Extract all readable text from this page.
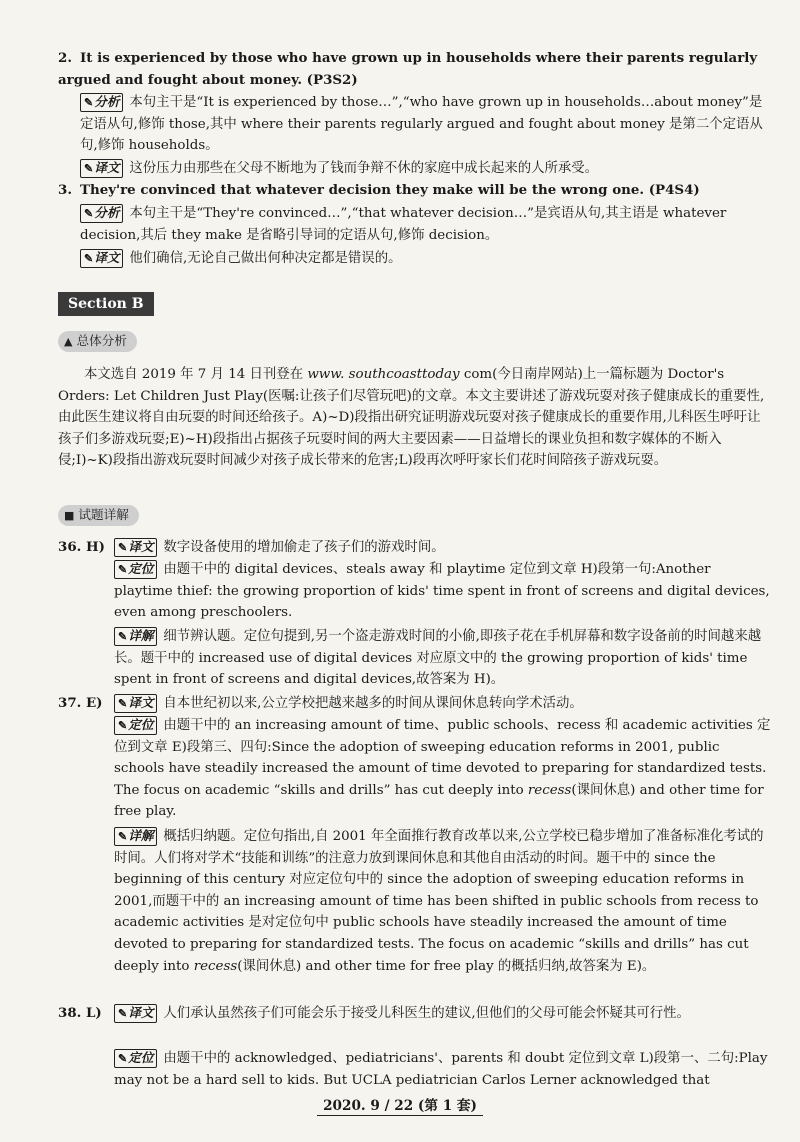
2. It is experienced by those who have grown up in households where their parents regularly argued and fought about money. (P3S2)
✎分析 本句主干是“It is experienced by those…”,“who have grown up in households…about money”是定语从句,修饰 those,其中 where their parents regularly argued and fought about money 是第二个定语从句,修饰 households。
✎译文 这份压力由那些在父母不断地为了钱而争辩不休的家庭中成长起来的人所承受。
3. They're convinced that whatever decision they make will be the wrong one. (P4S4)
✎分析 本句主干是“They're convinced…”,“that whatever decision…”是宾语从句,其主语是 whatever decision,其后 they make 是省略引导词的定语从句,修饰 decision。
✎译文 他们确信,无论自己做出何种决定都是错误的。
Section B
▲ 总体分析
本文选自 2019 年 7 月 14 日刊登在 www. southcoasttoday com(今日南岸网站)上一篇标题为 Doctor's Orders: Let Children Just Play(医嘱:让孩子们尽管玩吧)的文章。本文主要讲述了游戏玩耍对孩子健康成长的重要性,由此医生建议将自由玩耍的时间还给孩子。A)~D)段指出研究证明游戏玩耍对孩子健康成长的重要作用,儿科医生呼吁让孩子们多游戏玩耍;E)~H)段指出占据孩子玩耍时间的两大主要因素——日益增长的课业负担和数字媒体的不断入侵;I)~K)段指出游戏玩耍时间减少对孩子成长带来的危害;L)段再次呼吁家长们花时间陪孩子游戏玩耍。
■ 试题详解
36. H) ✎译文 数字设备使用的增加偷走了孩子们的游戏时间。
✎定位 由题干中的 digital devices、steals away 和 playtime 定位到文章 H)段第一句:Another playtime thief: the growing proportion of kids' time spent in front of screens and digital devices, even among preschoolers.
✎详解 细节辨认题。定位句提到,另一个盗走游戏时间的小偷,即孩子花在手机屏幕和数字设备前的时间越来越长。题干中的 increased use of digital devices 对应原文中的 the growing proportion of kids' time spent in front of screens and digital devices,故答案为 H)。
37. E) ✎译文 自本世纪初以来,公立学校把越来越多的时间从课间休息转向学术活动。
✎定位 由题干中的 an increasing amount of time、public schools、recess 和 academic activities 定位到文章 E)段第三、四句:Since the adoption of sweeping education reforms in 2001, public schools have steadily increased the amount of time devoted to preparing for standardized tests. The focus on academic “skills and drills” has cut deeply into recess(课间休息) and other time for free play.
✎详解 概括归纳题。定位句指出,自 2001 年全面推行教育改革以来,公立学校已稳步增加了准备标准化考试的时间。人们将对学术“技能和训练”的注意力放到课间休息和其他自由活动的时间。题干中的 since the beginning of this century 对应定位句中的 since the adoption of sweeping education reforms in 2001,而题干中的 an increasing amount of time has been shifted in public schools from recess to academic activities 是对定位句中 public schools have steadily increased the amount of time devoted to preparing for standardized tests. The focus on academic “skills and drills” has cut deeply into recess(课间休息) and other time for free play 的概括归纳,故答案为 E)。
38. L) ✎译文 人们承认虽然孩子们可能会乐于接受儿科医生的建议,但他们的父母可能会怀疑其可行性。
✎定位 由题干中的 acknowledged、pediatricians'、parents 和 doubt 定位到文章 L)段第一、二句:Play may not be a hard sell to kids. But UCLA pediatrician Carlos Lerner acknowledged that
2020. 9 / 22 (第 1 套)
